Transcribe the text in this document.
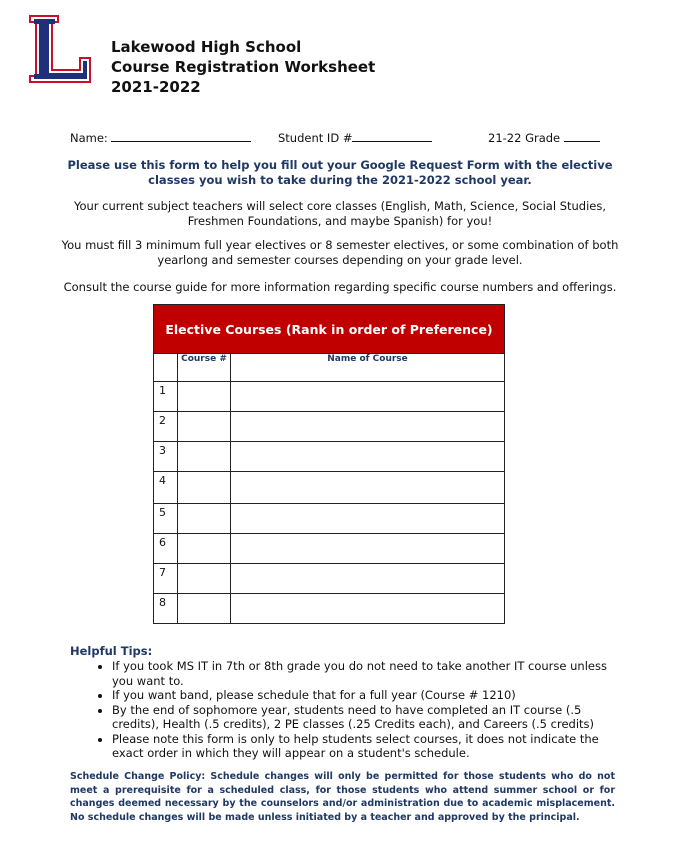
Lakewood High School
Course Registration Worksheet
2021-2022
Name:	Student ID #	21-22 Grade
Please use this form to help you fill out your Google Request Form with the elective classes you wish to take during the 2021-2022 school year.
Your current subject teachers will select core classes (English, Math, Science, Social Studies, Freshmen Foundations, and maybe Spanish) for you!
You must fill 3 minimum full year electives or 8 semester electives, or some combination of both yearlong and semester courses depending on your grade level.
Consult the course guide for more information regarding specific course numbers and offerings.
Elective Courses (Rank in order of Preference)		
	Course #	Name of Course
1		
2		
3		
4		
5		
6		
7		
8		
Helpful Tips:
• If you took MS IT in 7th or 8th grade you do not need to take another IT course unless you want to.
• If you want band, please schedule that for a full year (Course # 1210)
• By the end of sophomore year, students need to have completed an IT course (.5 credits), Health (.5 credits), 2 PE classes (.25 Credits each), and Careers (.5 credits)
• Please note this form is only to help students select courses, it does not indicate the exact order in which they will appear on a student's schedule.
Schedule Change Policy: Schedule changes will only be permitted for those students who do not meet a prerequisite for a scheduled class, for those students who attend summer school or for changes deemed necessary by the counselors and/or administration due to academic misplacement. No schedule changes will be made unless initiated by a teacher and approved by the principal.
